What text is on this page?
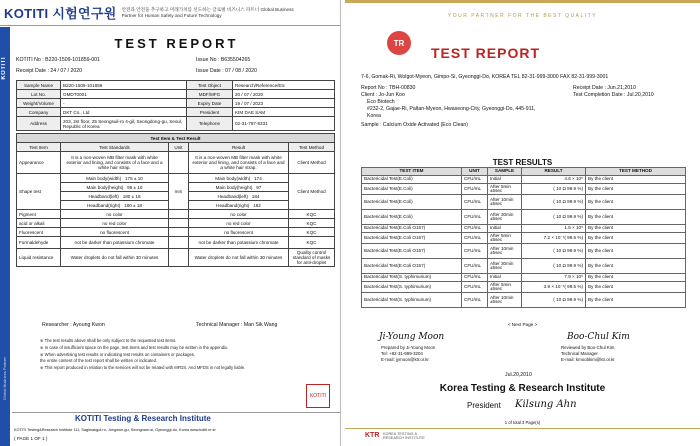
KOTITI 시험연구원 안전과 안전을 추구하고 미래가치를 선도하는 글로벌 비즈니스 파트너 Global Business Partner for Human Safety and Future Technology
KOTITI
Global Business Partner
TEST REPORT
KOTITI No : B220-1509-101859-001	Issue No : B635504265
Receipt Date : 24 / 07 / 2020	Issue Date : 07 / 08 / 2020
Sample Name	B220-1509-101859	Test Object	Research/Reference/Etc
Lot No.	OMDT0001	MDF/MFG	20 / 07 / 2020
Weight/Volume	-	Expiry Date	19 / 07 / 2023
Company	DKT Co., Ltd	President	KIM DAE SAM
Address	203, 2st floor, 25 Seongsuil-ro 4-gil, Seongdong-gu, Seoul, Republic of Korea	Telephone	02-31-787-8331
Test Item & Test Result				
Test Item	Test Standards	Unit	Result	Test Method
Appearance	It is a non-woven MB filter mask with white exterior and lining, and consists of a face and a white hair strap.		It is a non-woven MB filter mask with white exterior and lining, and consists of a face and a white hair strap.	Client Method
Shape test	Main body(width) 175 ± 10	mm	Main body(width) 174	Client Method
	Main body(height) 95 ± 10		Main body(height) 97	
	Headband(left) 180 ± 18		Headband(left) 184	
	Headband(right) 180 ± 18		Headband(right) 182	
Pigment	no color		no color	KQC
acid or alkali	no red color		no red color	KQC
Fluorescent	no fluorescent		no fluorescent	KQC
Formaldehyde	not be darker than potassium chromate		not be darker than potassium chromate	KQC
Liquid resistance	Water droplets do not fall within 30 minutes		Water droplets do not fall within 30 minutes	Quality control standard of masks for anti-droplet
Researcher : Ayoung Kwon	Technical Manager : Man Sik Wang
※ The test results above shall be only subject to the requested test items.
※ In case of insufficient space on the page, test items and test results may be written in the appendix.
※ When advertising test results or indicating test results on containers or packages,
the entire content of the test report shall be written or indicated.
※ This report produced in relation to the services will not be related with MFDS. And MFDS in not legally liable.
KOTITI
KOTITI Testing & Research Institute
KOTITI Testing&Research Institute 111, Sagimakgol-ro, Jungwon-gu, Seongnam-si, Gyeonggi-do, Korea www.kotiti.re.kr
( PAGE 1 OF 1 )
YOUR PARTNER FOR THE BEST QUALITY
TR
TEST REPORT
7-6, Gomak-Ri, Wolgot-Myeon, Gimpo-Si, Gyeonggi-Do, KOREA TEL 82-31-999-3000 FAX 82-31-999-3001
Report No : TBH-00830
Client : Jo-Jun Koo
Eco Biotech
#232-2, Gajae-Ri, Paltan-Myeon, Hwaseong-City, Gyeonggi-Do, 445-911,
Korea
Receipt Date : Jun.21,2010
Test Completion Date : Jul.20,2010
Sample : Calcium Oxide Activated (Eco Clean)
TEST RESULTS
TEST ITEM	UNIT	SAMPLE	RESULT	TEST METHOD
Bactericidal Test(E.Coli)	CFU/mL	Initial	4.6 × 10⁵	By the client
Bactericidal Test(E.Coli)	CFU/mL	After 5min ±5sec	( 10 Ω 99.9 %)	By the client
Bactericidal Test(E.Coli)	CFU/mL	After 10min ±5sec	( 10 Ω 99.9 %)	By the client
Bactericidal Test(E.Coli)	CFU/mL	After 30min ±5sec	( 10 Ω 99.9 %)	By the client
Bactericidal Test(E.Coli O157)	CFU/mL	Initial	1.5 × 10⁵	By the client
Bactericidal Test(E.Coli O157)	CFU/mL	After 5min ±5sec	7.2 × 10⁻¹( 99.5 %)	By the client
Bactericidal Test(E.Coli O157)	CFU/mL	After 10min ±5sec	( 10 Ω 99.9 %)	By the client
Bactericidal Test(E.Coli O157)	CFU/mL	After 30min ±5sec	( 10 Ω 99.9 %)	By the client
Bactericidal Test(S. typhimurium)	CFU/mL	Initial	7.9 × 10⁵	By the client
Bactericidal Test(S. typhimurium)	CFU/mL	After 5min ±5sec	3.9 × 10⁻¹( 99.5 %)	By the client
Bactericidal Test(S. typhimurium)	CFU/mL	After 10min ±5sec	( 10 Ω 99.9 %)	By the client
< Next Page >
Ji-Young Moon	Boo-Chul Kim
Prepared by Ji-Young Moon
Tel: +82-31-999-3204
E-mail: jymoon@ktr.or.kr
Reviewed by Boo-Chul Kim
Technical Manager
E-mail: kmoobkim@ktr.or.kr
Jul.20,2010
Korea Testing & Research Institute
President Kilsung Ahn
1 of total 3 Page(s)
KTR KOREA TESTING &
RESEARCH INSTITUTE
